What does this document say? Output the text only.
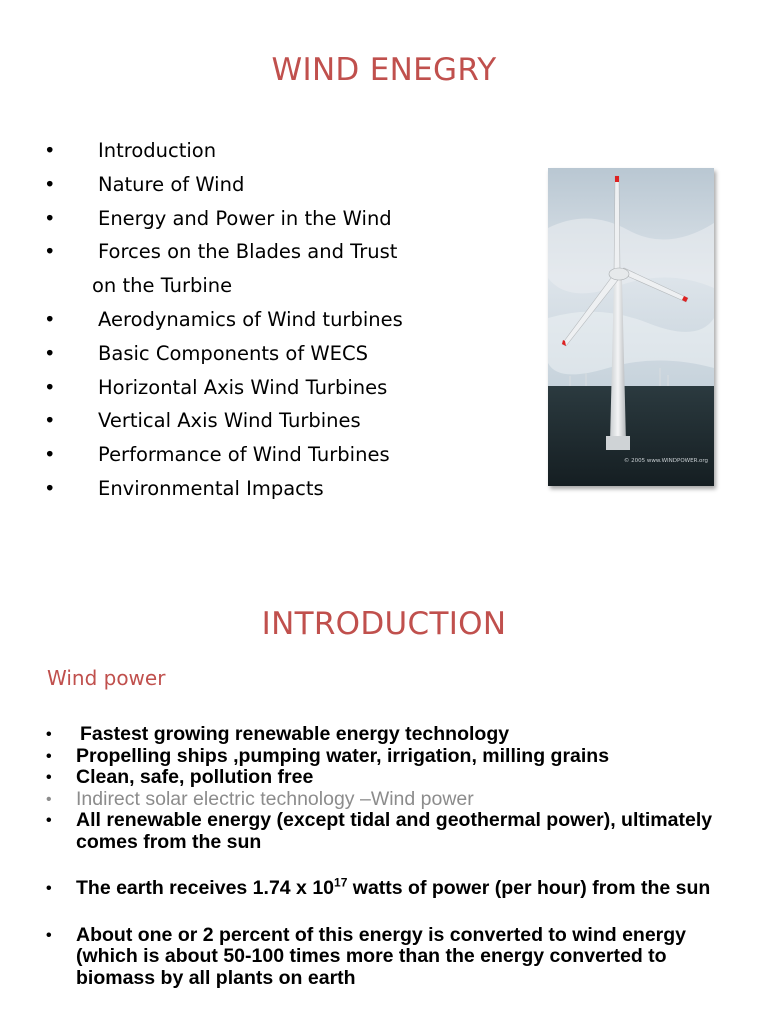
WIND ENEGRY
• Introduction
• Nature of Wind
• Energy and Power in the Wind
• Forces on the Blades and Trust
on the Turbine
• Aerodynamics of Wind turbines
• Basic Components of WECS
• Horizontal Axis Wind Turbines
• Vertical Axis Wind Turbines
• Performance of Wind Turbines
• Environmental Impacts
© 2005 www.WINDPOWER.org
INTRODUCTION
Wind power
• Fastest growing renewable energy technology
• Propelling ships ,pumping water, irrigation, milling grains
• Clean, safe, pollution free
• Indirect solar electric technology –Wind power
• All renewable energy (except tidal and geothermal power), ultimately comes from the sun
• The earth receives 1.74 x $10^{17}$ watts of power (per hour) from the sun
• About one or 2 percent of this energy is converted to wind energy (which is about 50-100 times more than the energy converted to biomass by all plants on earth
